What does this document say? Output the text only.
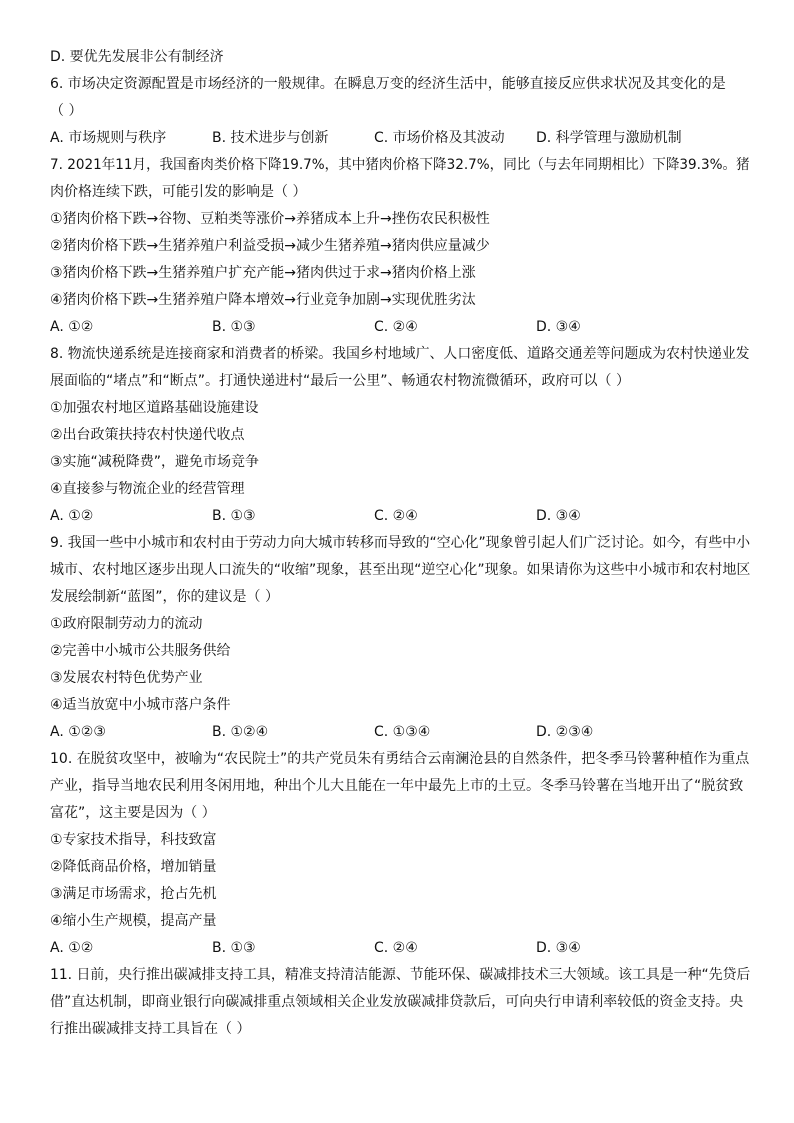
D. 要优先发展非公有制经济
6. 市场决定资源配置是市场经济的一般规律。在瞬息万变的经济生活中，能够直接反应供求状况及其变化的是
（ ）
A. 市场规则与秩序	B. 技术进步与创新	C. 市场价格及其波动	D. 科学管理与激励机制
7. 2021年11月，我国畜肉类价格下降19.7%，其中猪肉价格下降32.7%，同比（与去年同期相比）下降39.3%。猪
肉价格连续下跌，可能引发的影响是（ ）
①猪肉价格下跌→谷物、豆粕类等涨价→养猪成本上升→挫伤农民积极性
②猪肉价格下跌→生猪养殖户利益受损→减少生猪养殖→猪肉供应量减少
③猪肉价格下跌→生猪养殖户扩充产能→猪肉供过于求→猪肉价格上涨
④猪肉价格下跌→生猪养殖户降本增效→行业竞争加剧→实现优胜劣汰
A. ①②	B. ①③	C. ②④	D. ③④
8. 物流快递系统是连接商家和消费者的桥梁。我国乡村地域广、人口密度低、道路交通差等问题成为农村快递业发
展面临的“堵点”和“断点”。打通快递进村“最后一公里”、畅通农村物流微循环，政府可以（ ）
①加强农村地区道路基础设施建设
②出台政策扶持农村快递代收点
③实施“减税降费”，避免市场竞争
④直接参与物流企业的经营管理
A. ①②	B. ①③	C. ②④	D. ③④
9. 我国一些中小城市和农村由于劳动力向大城市转移而导致的“空心化”现象曾引起人们广泛讨论。如今，有些中小
城市、农村地区逐步出现人口流失的“收缩”现象，甚至出现“逆空心化”现象。如果请你为这些中小城市和农村地区
发展绘制新“蓝图”，你的建议是（ ）
①政府限制劳动力的流动
②完善中小城市公共服务供给
③发展农村特色优势产业
④适当放宽中小城市落户条件
A. ①②③	B. ①②④	C. ①③④	D. ②③④
10. 在脱贫攻坚中，被喻为“农民院士”的共产党员朱有勇结合云南澜沧县的自然条件，把冬季马铃薯种植作为重点
产业，指导当地农民利用冬闲用地，种出个儿大且能在一年中最先上市的土豆。冬季马铃薯在当地开出了“脱贫致
富花”，这主要是因为（ ）
①专家技术指导，科技致富
②降低商品价格，增加销量
③满足市场需求，抢占先机
④缩小生产规模，提高产量
A. ①②	B. ①③	C. ②④	D. ③④
11. 日前，央行推出碳减排支持工具，精准支持清洁能源、节能环保、碳减排技术三大领域。该工具是一种“先贷后
借”直达机制，即商业银行向碳减排重点领域相关企业发放碳减排贷款后，可向央行申请利率较低的资金支持。央
行推出碳减排支持工具旨在（ ）
